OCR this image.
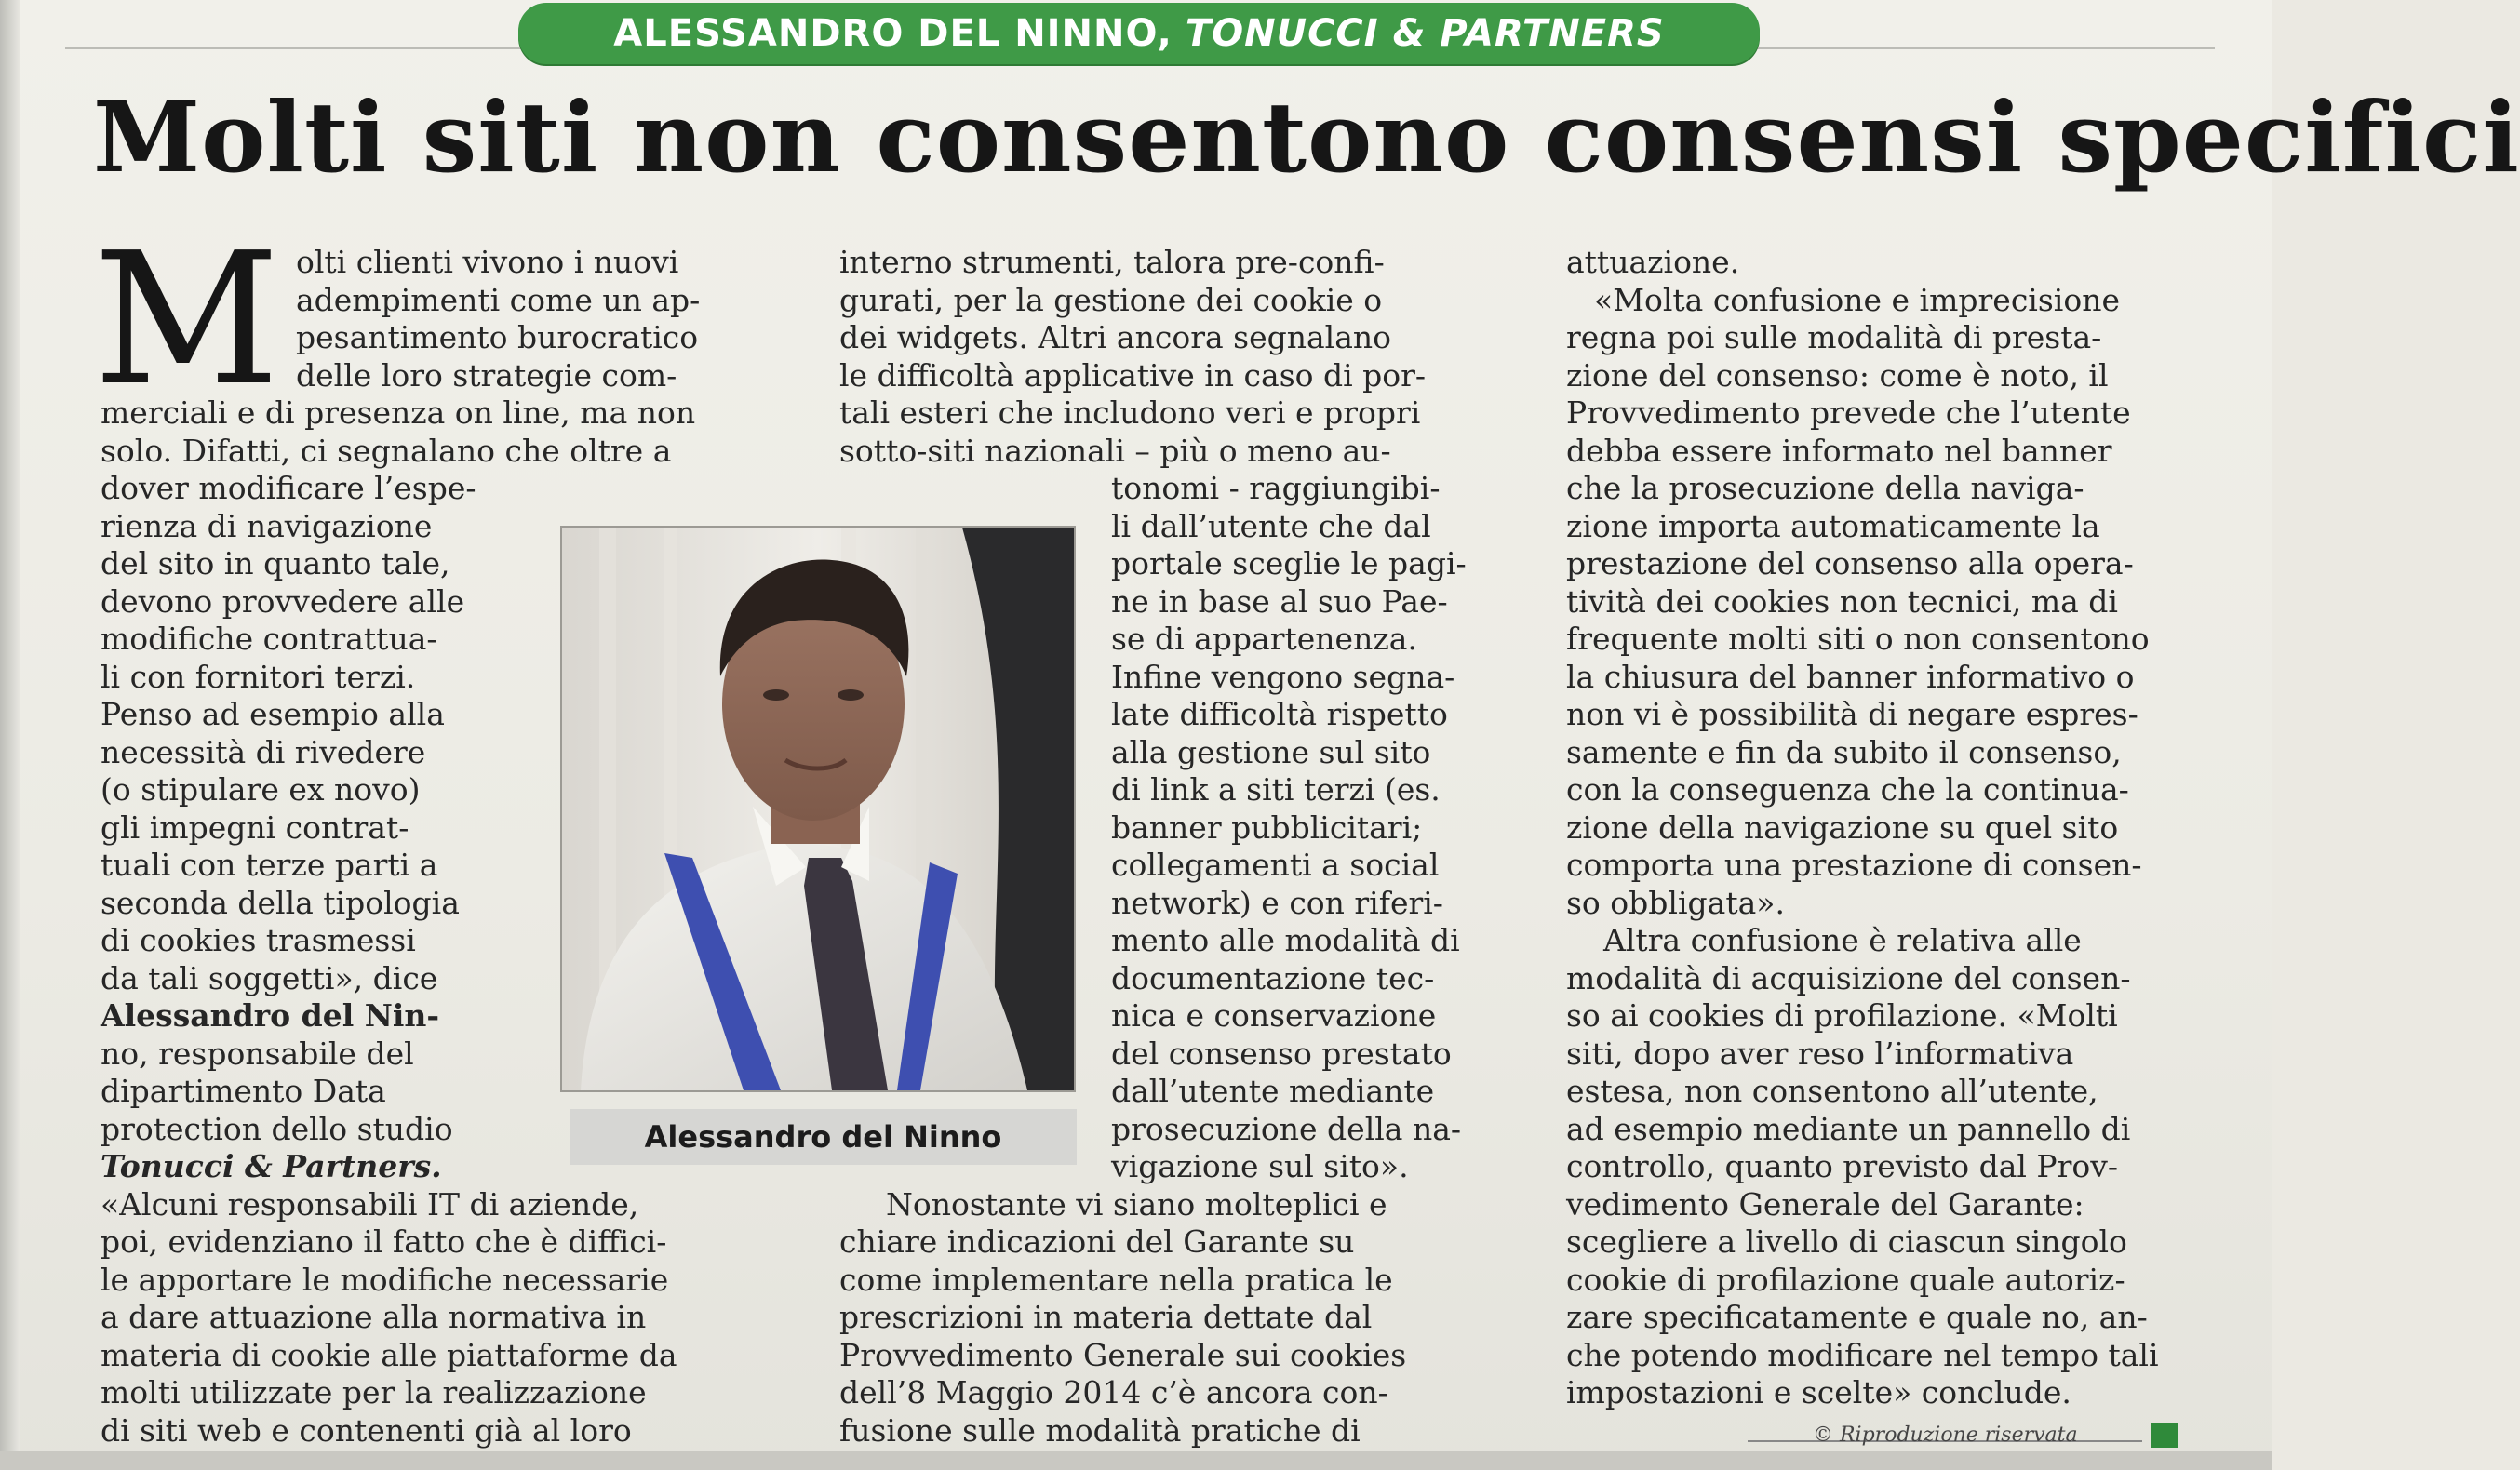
ALESSANDRO DEL NINNO, TONUCCI & PARTNERS
Molti siti non consentono consensi specifici
M olti clienti vivono i nuovi
adempimenti come un ap-
pesantimento burocratico
delle loro strategie com-
merciali e di presenza on line, ma non
solo. Difatti, ci segnalano che oltre a
dover modificare l’espe-
rienza di navigazione
del sito in quanto tale,
devono provvedere alle
modifiche contrattua-
li con fornitori terzi.
Penso ad esempio alla
necessità di rivedere
(o stipulare ex novo)
gli impegni contrat-
tuali con terze parti a
seconda della tipologia
di cookies trasmessi
da tali soggetti», dice
Alessandro del Nin-
no, responsabile del
dipartimento Data
protection dello studio
Tonucci & Partners.
«Alcuni responsabili IT di aziende,
poi, evidenziano il fatto che è diffici-
le apportare le modifiche necessarie
a dare attuazione alla normativa in
materia di cookie alle piattaforme da
molti utilizzate per la realizzazione
di siti web e contenenti già al loro
interno strumenti, talora pre-confi-
gurati, per la gestione dei cookie o
dei widgets. Altri ancora segnalano
le difficoltà applicative in caso di por-
tali esteri che includono veri e propri
sotto-siti nazionali – più o meno au-
tonomi - raggiungibi-
li dall’utente che dal
portale sceglie le pagi-
ne in base al suo Pae-
se di appartenenza.
Infine vengono segna-
late difficoltà rispetto
alla gestione sul sito
di link a siti terzi (es.
banner pubblicitari;
collegamenti a social
network) e con riferi-
mento alle modalità di
documentazione tec-
nica e conservazione
del consenso prestato
dall’utente mediante
prosecuzione della na-
vigazione sul sito».
Nonostante vi siano molteplici e
chiare indicazioni del Garante su
come implementare nella pratica le
prescrizioni in materia dettate dal
Provvedimento Generale sui cookies
dell’8 Maggio 2014 c’è ancora con-
fusione sulle modalità pratiche di
attuazione.
«Molta confusione e imprecisione
regna poi sulle modalità di presta-
zione del consenso: come è noto, il
Provvedimento prevede che l’utente
debba essere informato nel banner
che la prosecuzione della naviga-
zione importa automaticamente la
prestazione del consenso alla opera-
tività dei cookies non tecnici, ma di
frequente molti siti o non consentono
la chiusura del banner informativo o
non vi è possibilità di negare espres-
samente e fin da subito il consenso,
con la conseguenza che la continua-
zione della navigazione su quel sito
comporta una prestazione di consen-
so obbligata».
Altra confusione è relativa alle
modalità di acquisizione del consen-
so ai cookies di profilazione. «Molti
siti, dopo aver reso l’informativa
estesa, non consentono all’utente,
ad esempio mediante un pannello di
controllo, quanto previsto dal Prov-
vedimento Generale del Garante:
scegliere a livello di ciascun singolo
cookie di profilazione quale autoriz-
zare specificatamente e quale no, an-
che potendo modificare nel tempo tali
impostazioni e scelte» conclude.
Alessandro del Ninno
© Riproduzione riservata
